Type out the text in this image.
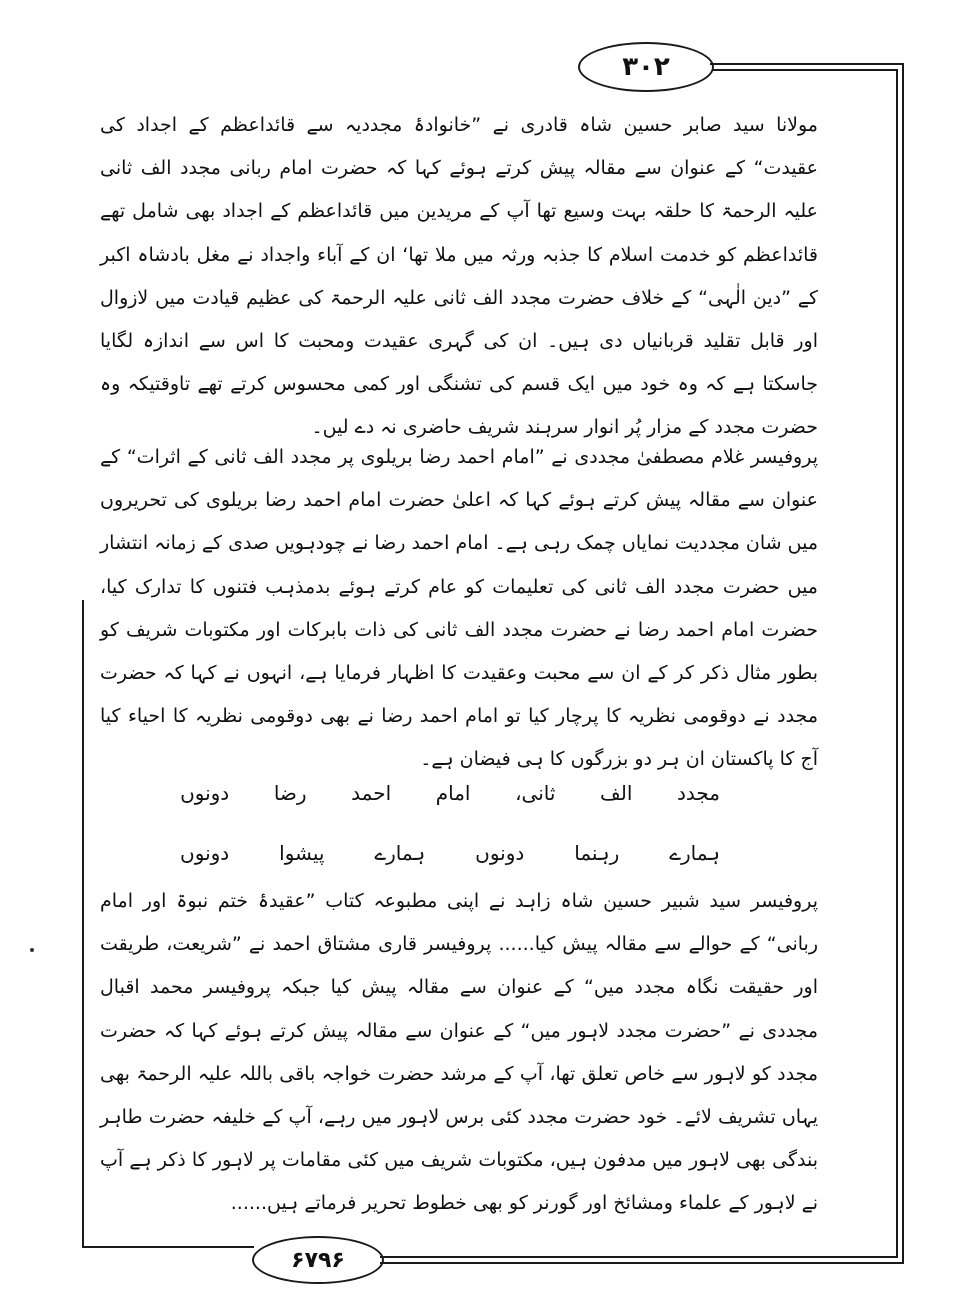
۳۰۲

مولانا سید صابر حسین شاہ قادری نے ”خانوادۂ مجددیہ سے قائداعظم کے اجداد کی عقیدت“ کے عنوان سے مقالہ پیش کرتے ہوئے کہا کہ حضرت امام ربانی مجدد الف ثانی علیہ الرحمۃ کا حلقہ بہت وسیع تھا آپ کے مریدین میں قائداعظم کے اجداد بھی شامل تھے قائداعظم کو خدمت اسلام کا جذبہ ورثہ میں ملا تھا‘ ان کے آباء واجداد نے مغل بادشاہ اکبر کے ”دین الٰہی“ کے خلاف حضرت مجدد الف ثانی علیہ الرحمۃ کی عظیم قیادت میں لازوال اور قابل تقلید قربانیاں دی ہیں۔ ان کی گہری عقیدت ومحبت کا اس سے اندازہ لگایا جاسکتا ہے کہ وہ خود میں ایک قسم کی تشنگی اور کمی محسوس کرتے تھے تاوقتیکہ وہ حضرت مجدد کے مزار پُر انوار سرہند شریف حاضری نہ دے لیں۔

پروفیسر غلام مصطفیٰ مجددی نے ”امام احمد رضا بریلوی پر مجدد الف ثانی کے اثرات“ کے عنوان سے مقالہ پیش کرتے ہوئے کہا کہ اعلیٰ حضرت امام احمد رضا بریلوی کی تحریروں میں شان مجددیت نمایاں چمک رہی ہے۔ امام احمد رضا نے چودہویں صدی کے زمانہ انتشار میں حضرت مجدد الف ثانی کی تعلیمات کو عام کرتے ہوئے بدمذہب فتنوں کا تدارک کیا، حضرت امام احمد رضا نے حضرت مجدد الف ثانی کی ذات بابرکات اور مکتوبات شریف کو بطور مثال ذکر کر کے ان سے محبت وعقیدت کا اظہار فرمایا ہے، انہوں نے کہا کہ حضرت مجدد نے دوقومی نظریہ کا پرچار کیا تو امام احمد رضا نے بھی دوقومی نظریہ کا احیاء کیا آج کا پاکستان ان ہر دو بزرگوں کا ہی فیضان ہے۔

مجدد
الف
ثانی،
امام
احمد
رضا
دونوں
ہمارے
رہنما
دونوں
ہمارے
پیشوا
دونوں

پروفیسر سید شبیر حسین شاہ زاہد نے اپنی مطبوعہ کتاب ”عقیدۂ ختم نبوۃ اور امام ربانی“ کے حوالے سے مقالہ پیش کیا...... پروفیسر قاری مشتاق احمد نے ”شریعت، طریقت اور حقیقت نگاہ مجدد میں“ کے عنوان سے مقالہ پیش کیا جبکہ پروفیسر محمد اقبال مجددی نے ”حضرت مجدد لاہور میں“ کے عنوان سے مقالہ پیش کرتے ہوئے کہا کہ حضرت مجدد کو لاہور سے خاص تعلق تھا، آپ کے مرشد حضرت خواجہ باقی باللہ علیہ الرحمۃ بھی یہاں تشریف لائے۔ خود حضرت مجدد کئی برس لاہور میں رہے، آپ کے خلیفہ حضرت طاہر بندگی بھی لاہور میں مدفون ہیں، مکتوبات شریف میں کئی مقامات پر لاہور کا ذکر ہے آپ نے لاہور کے علماء ومشائخ اور گورنر کو بھی خطوط تحریر فرماتے ہیں......

۶۷۹۶
